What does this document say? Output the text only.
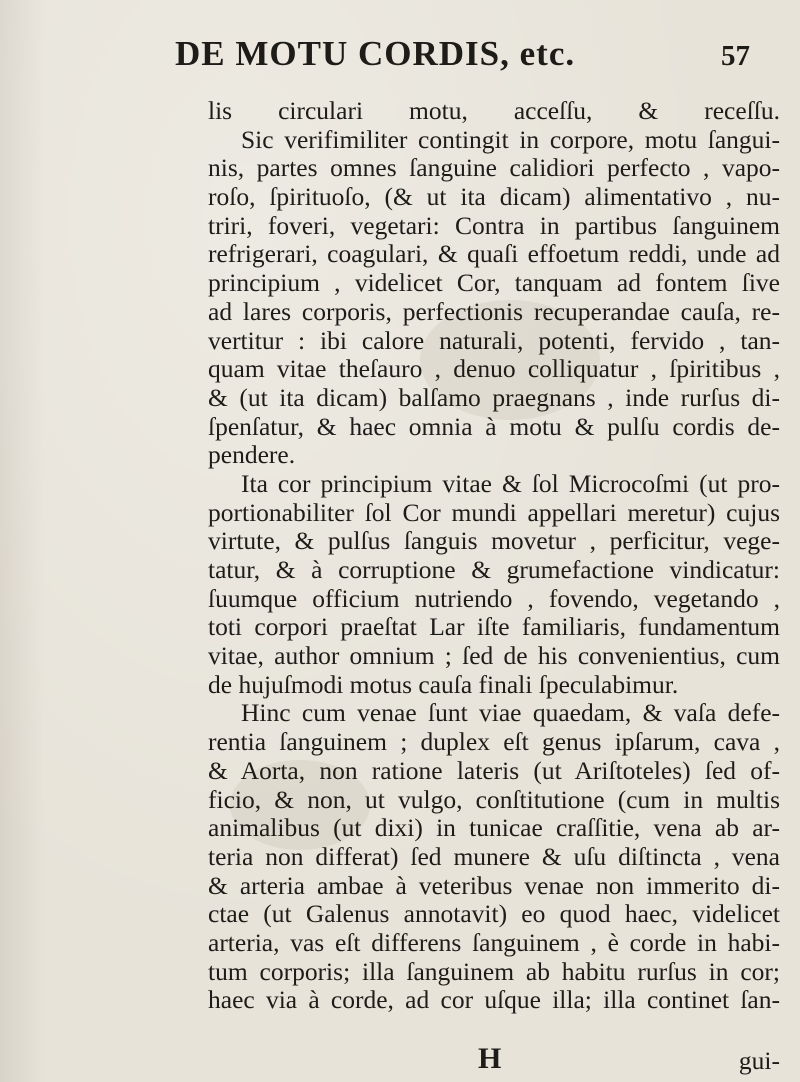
DE MOTU CORDIS, etc.	57
lis circulari motu, acceſſu, & receſſu.
Sic verifimiliter contingit in corpore, motu ſangui-
nis, partes omnes ſanguine calidiori perfecto , vapo-
roſo, ſpirituoſo, (& ut ita dicam) alimentativo , nu-
triri, foveri, vegetari: Contra in partibus ſanguinem
refrigerari, coagulari, & quaſi effoetum reddi, unde ad
principium , videlicet Cor, tanquam ad fontem ſive
ad lares corporis, perfectionis recuperandae cauſa, re-
vertitur : ibi calore naturali, potenti, fervido , tan-
quam vitae theſauro , denuo colliquatur , ſpiritibus ,
& (ut ita dicam) balſamo praegnans , inde rurſus di-
ſpenſatur, & haec omnia à motu & pulſu cordis de-
pendere.
Ita cor principium vitae & ſol Microcoſmi (ut pro-
portionabiliter ſol Cor mundi appellari meretur) cujus
virtute, & pulſus ſanguis movetur , perficitur, vege-
tatur, & à corruptione & grumefactione vindicatur:
ſuumque officium nutriendo , fovendo, vegetando ,
toti corpori praeſtat Lar iſte familiaris, fundamentum
vitae, author omnium ; ſed de his convenientius, cum
de hujuſmodi motus cauſa finali ſpeculabimur.
Hinc cum venae ſunt viae quaedam, & vaſa defe-
rentia ſanguinem ; duplex eſt genus ipſarum, cava ,
& Aorta, non ratione lateris (ut Ariſtoteles) ſed of-
ficio, & non, ut vulgo, conſtitutione (cum in multis
animalibus (ut dixi) in tunicae craſſitie, vena ab ar-
teria non differat) ſed munere & uſu diſtincta , vena
& arteria ambae à veteribus venae non immerito di-
ctae (ut Galenus annotavit) eo quod haec, videlicet
arteria, vas eſt differens ſanguinem , è corde in habi-
tum corporis; illa ſanguinem ab habitu rurſus in cor;
haec via à corde, ad cor uſque illa; illa continet ſan-
H	gui-
